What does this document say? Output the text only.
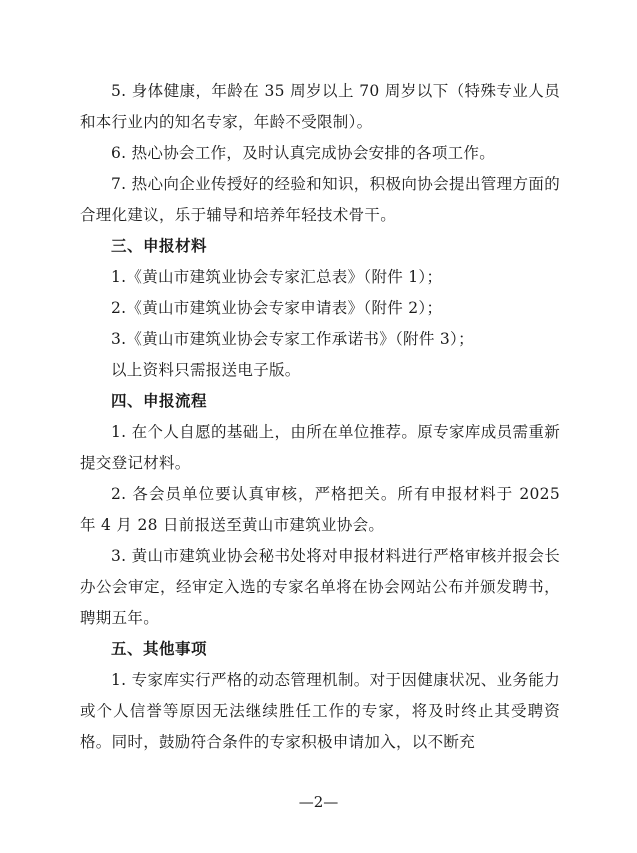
5. 身体健康，年龄在 35 周岁以上 70 周岁以下（特殊专业人员和本行业内的知名专家，年龄不受限制）。

6. 热心协会工作，及时认真完成协会安排的各项工作。

7. 热心向企业传授好的经验和知识，积极向协会提出管理方面的合理化建议，乐于辅导和培养年轻技术骨干。

三、申报材料

1.《黄山市建筑业协会专家汇总表》（附件 1）；

2.《黄山市建筑业协会专家申请表》（附件 2）；

3.《黄山市建筑业协会专家工作承诺书》（附件 3）；

以上资料只需报送电子版。

四、申报流程

1. 在个人自愿的基础上，由所在单位推荐。原专家库成员需重新提交登记材料。

2. 各会员单位要认真审核，严格把关。所有申报材料于 2025 年 4 月 28 日前报送至黄山市建筑业协会。

3. 黄山市建筑业协会秘书处将对申报材料进行严格审核并报会长办公会审定，经审定入选的专家名单将在协会网站公布并颁发聘书，聘期五年。

五、其他事项

1. 专家库实行严格的动态管理机制。对于因健康状况、业务能力或个人信誉等原因无法继续胜任工作的专家，将及时终止其受聘资格。同时，鼓励符合条件的专家积极申请加入，以不断充

—2—
